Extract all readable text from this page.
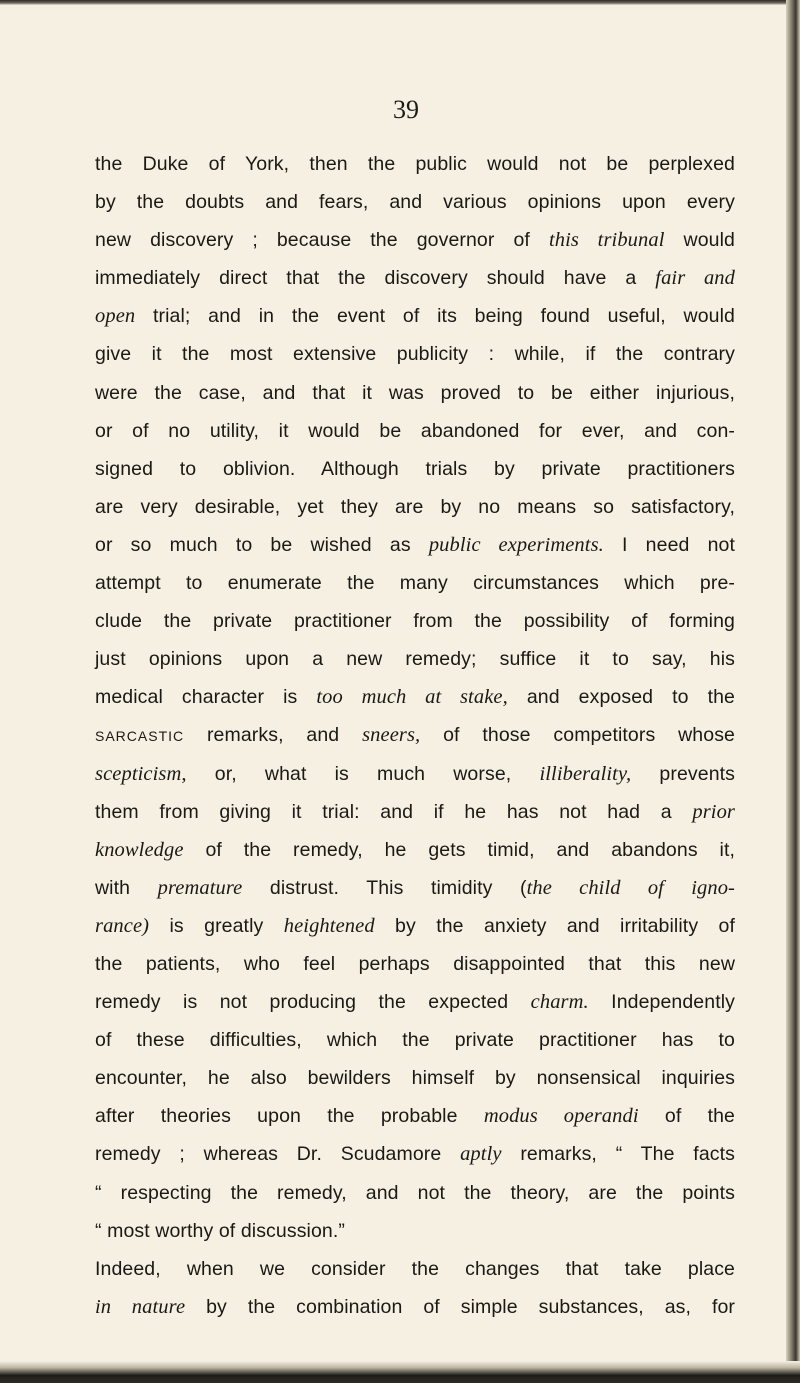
39
the Duke of York, then the public would not be perplexed
by the doubts and fears, and various opinions upon every
new discovery ; because the governor of this tribunal would
immediately direct that the discovery should have a fair and
open trial; and in the event of its being found useful, would
give it the most extensive publicity : while, if the contrary
were the case, and that it was proved to be either injurious,
or of no utility, it would be abandoned for ever, and con-
signed to oblivion. Although trials by private practitioners
are very desirable, yet they are by no means so satisfactory,
or so much to be wished as public experiments. I need not
attempt to enumerate the many circumstances which pre-
clude the private practitioner from the possibility of forming
just opinions upon a new remedy; suffice it to say, his
medical character is too much at stake, and exposed to the
sarcastic remarks, and sneers, of those competitors whose
scepticism, or, what is much worse, illiberality, prevents
them from giving it trial: and if he has not had a prior
knowledge of the remedy, he gets timid, and abandons it,
with premature distrust. This timidity (the child of igno-
rance) is greatly heightened by the anxiety and irritability of
the patients, who feel perhaps disappointed that this new
remedy is not producing the expected charm. Independently
of these difficulties, which the private practitioner has to
encounter, he also bewilders himself by nonsensical inquiries
after theories upon the probable modus operandi of the
remedy ; whereas Dr. Scudamore aptly remarks, “ The facts
“ respecting the remedy, and not the theory, are the points
“ most worthy of discussion.”
Indeed, when we consider the changes that take place
in nature by the combination of simple substances, as, for
